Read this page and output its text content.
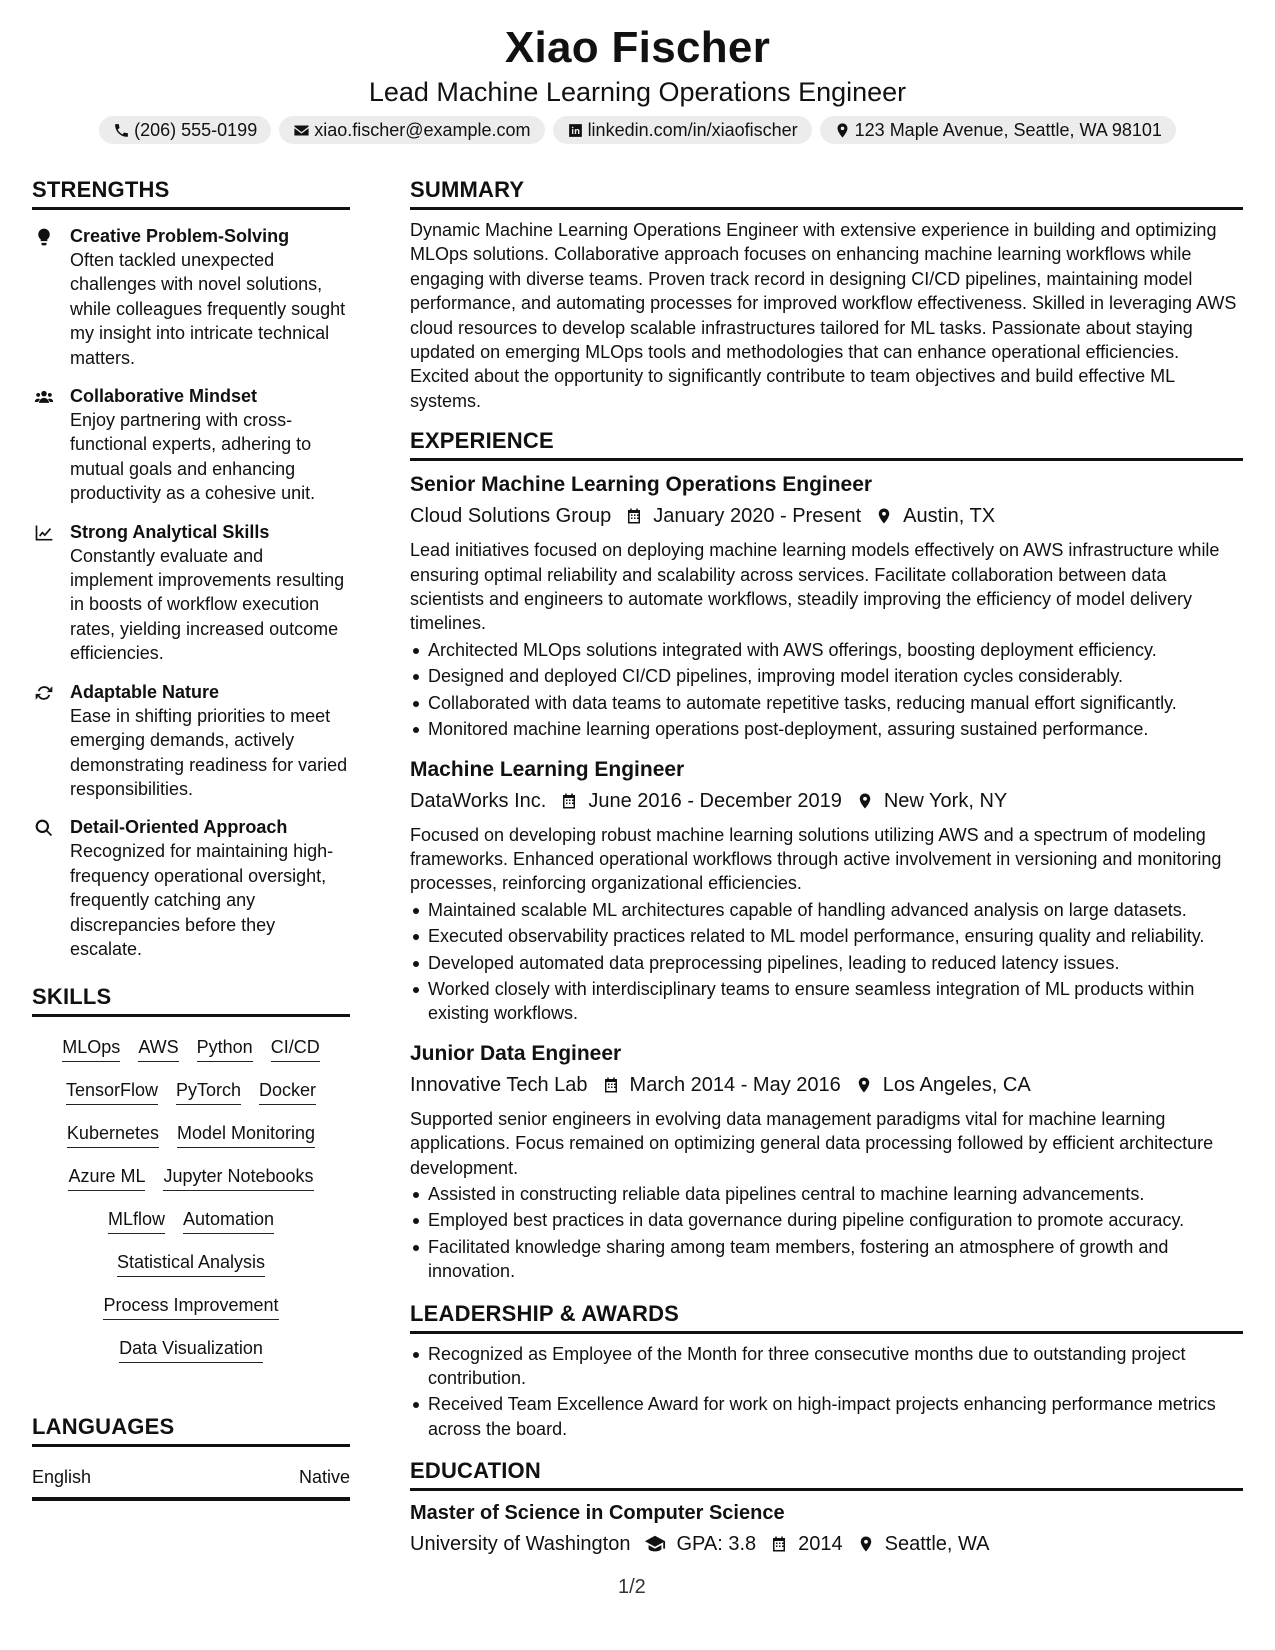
Xiao Fischer
Lead Machine Learning Operations Engineer
(206) 555-0199	xiao.fischer@example.com	linkedin.com/in/xiaofischer	123 Maple Avenue, Seattle, WA 98101
STRENGTHS
Creative Problem-Solving
Often tackled unexpected challenges with novel solutions, while colleagues frequently sought my insight into intricate technical matters.
Collaborative Mindset
Enjoy partnering with cross-functional experts, adhering to mutual goals and enhancing productivity as a cohesive unit.
Strong Analytical Skills
Constantly evaluate and implement improvements resulting in boosts of workflow execution rates, yielding increased outcome efficiencies.
Adaptable Nature
Ease in shifting priorities to meet emerging demands, actively demonstrating readiness for varied responsibilities.
Detail-Oriented Approach
Recognized for maintaining high-frequency operational oversight, frequently catching any discrepancies before they escalate.
SKILLS
MLOps AWS Python CI/CD
TensorFlow PyTorch Docker
Kubernetes Model Monitoring
Azure ML Jupyter Notebooks
MLflow Automation
Statistical Analysis
Process Improvement
Data Visualization
LANGUAGES
English	Native
SUMMARY
Dynamic Machine Learning Operations Engineer with extensive experience in building and optimizing MLOps solutions. Collaborative approach focuses on enhancing machine learning workflows while engaging with diverse teams. Proven track record in designing CI/CD pipelines, maintaining model performance, and automating processes for improved workflow effectiveness. Skilled in leveraging AWS cloud resources to develop scalable infrastructures tailored for ML tasks. Passionate about staying updated on emerging MLOps tools and methodologies that can enhance operational efficiencies. Excited about the opportunity to significantly contribute to team objectives and build effective ML systems.
EXPERIENCE
Senior Machine Learning Operations Engineer
Cloud Solutions Group January 2020 - Present Austin, TX
Lead initiatives focused on deploying machine learning models effectively on AWS infrastructure while ensuring optimal reliability and scalability across services. Facilitate collaboration between data scientists and engineers to automate workflows, steadily improving the efficiency of model delivery timelines.
Architected MLOps solutions integrated with AWS offerings, boosting deployment efficiency.
Designed and deployed CI/CD pipelines, improving model iteration cycles considerably.
Collaborated with data teams to automate repetitive tasks, reducing manual effort significantly.
Monitored machine learning operations post-deployment, assuring sustained performance.
Machine Learning Engineer
DataWorks Inc. June 2016 - December 2019 New York, NY
Focused on developing robust machine learning solutions utilizing AWS and a spectrum of modeling frameworks. Enhanced operational workflows through active involvement in versioning and monitoring processes, reinforcing organizational efficiencies.
Maintained scalable ML architectures capable of handling advanced analysis on large datasets.
Executed observability practices related to ML model performance, ensuring quality and reliability.
Developed automated data preprocessing pipelines, leading to reduced latency issues.
Worked closely with interdisciplinary teams to ensure seamless integration of ML products within existing workflows.
Junior Data Engineer
Innovative Tech Lab March 2014 - May 2016 Los Angeles, CA
Supported senior engineers in evolving data management paradigms vital for machine learning applications. Focus remained on optimizing general data processing followed by efficient architecture development.
Assisted in constructing reliable data pipelines central to machine learning advancements.
Employed best practices in data governance during pipeline configuration to promote accuracy.
Facilitated knowledge sharing among team members, fostering an atmosphere of growth and innovation.
LEADERSHIP & AWARDS
Recognized as Employee of the Month for three consecutive months due to outstanding project contribution.
Received Team Excellence Award for work on high-impact projects enhancing performance metrics across the board.
EDUCATION
Master of Science in Computer Science
University of Washington GPA: 3.8 2014 Seattle, WA
1/2
